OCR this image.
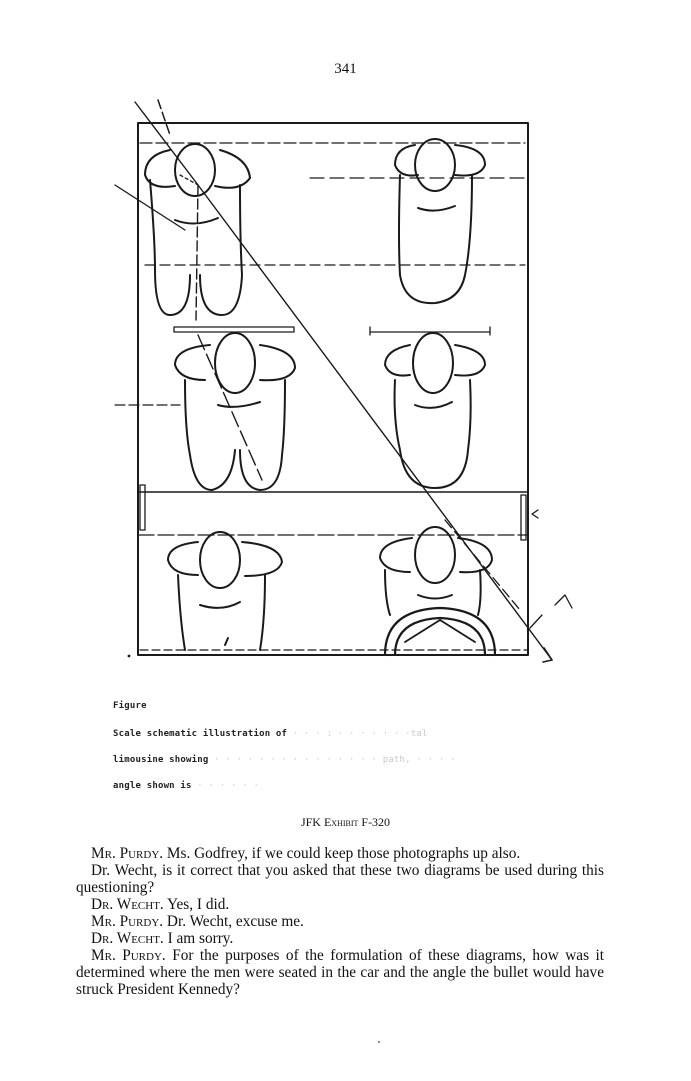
341
Figure
Scale schematic illustration of · · · : · · · · · · ·tal
limousine showing · · · · · · · · · · · · · · · path, · · · ·
angle shown is · · · · · ·
JFK Exhibit F-320

Mr. Purdy. Ms. Godfrey, if we could keep those photographs up also.

Dr. Wecht, is it correct that you asked that these two diagrams be used during this questioning?

Dr. Wecht. Yes, I did.

Mr. Purdy. Dr. Wecht, excuse me.

Dr. Wecht. I am sorry.

Mr. Purdy. For the purposes of the formulation of these diagrams, how was it determined where the men were seated in the car and the angle the bullet would have struck President Kennedy?
